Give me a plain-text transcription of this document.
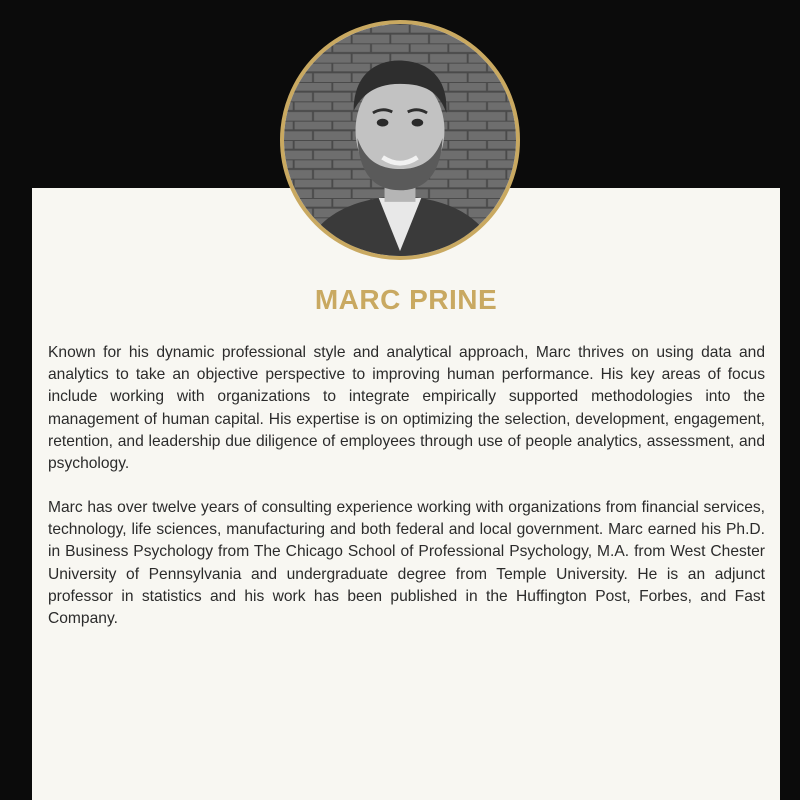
MARC PRINE

Known for his dynamic professional style and analytical approach, Marc thrives on using data and analytics to take an objective perspective to improving human performance. His key areas of focus include working with organizations to integrate empirically supported methodologies into the management of human capital. His expertise is on optimizing the selection, development, engagement, retention, and leadership due diligence of employees through use of people analytics, assessment, and psychology.

Marc has over twelve years of consulting experience working with organizations from financial services, technology, life sciences, manufacturing and both federal and local government. Marc earned his Ph.D. in Business Psychology from The Chicago School of Professional Psychology, M.A. from West Chester University of Pennsylvania and undergraduate degree from Temple University. He is an adjunct professor in statistics and his work has been published in the Huffington Post, Forbes, and Fast Company.
